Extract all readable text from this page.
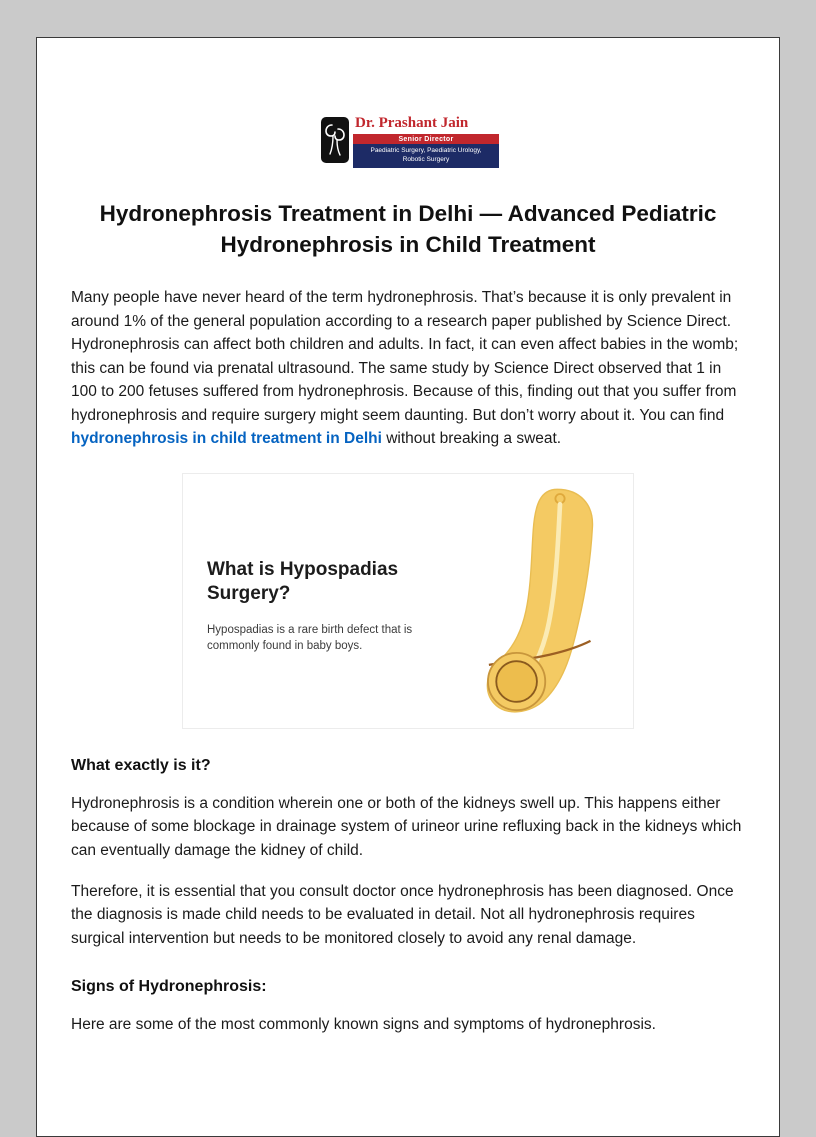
Dr. Prashant Jain
Senior Director
Paediatric Surgery, Paediatric Urology,
Robotic Surgery
Hydronephrosis Treatment in Delhi — Advanced Pediatric Hydronephrosis in Child Treatment

Many people have never heard of the term hydronephrosis. That’s because it is only prevalent in around 1% of the general population according to a research paper published by Science Direct. Hydronephrosis can affect both children and adults. In fact, it can even affect babies in the womb; this can be found via prenatal ultrasound. The same study by Science Direct observed that 1 in 100 to 200 fetuses suffered from hydronephrosis. Because of this, finding out that you suffer from hydronephrosis and require surgery might seem daunting. But don’t worry about it. You can find hydronephrosis in child treatment in Delhi without breaking a sweat.

What is Hypospadias Surgery?

Hypospadias is a rare birth defect that is commonly found in baby boys.

What exactly is it?

Hydronephrosis is a condition wherein one or both of the kidneys swell up. This happens either because of some blockage in drainage system of urineor urine refluxing back in the kidneys which can eventually damage the kidney of child.

Therefore, it is essential that you consult doctor once hydronephrosis has been diagnosed. Once the diagnosis is made child needs to be evaluated in detail. Not all hydronephrosis requires surgical intervention but needs to be monitored closely to avoid any renal damage.

Signs of Hydronephrosis:

Here are some of the most commonly known signs and symptoms of hydronephrosis.
